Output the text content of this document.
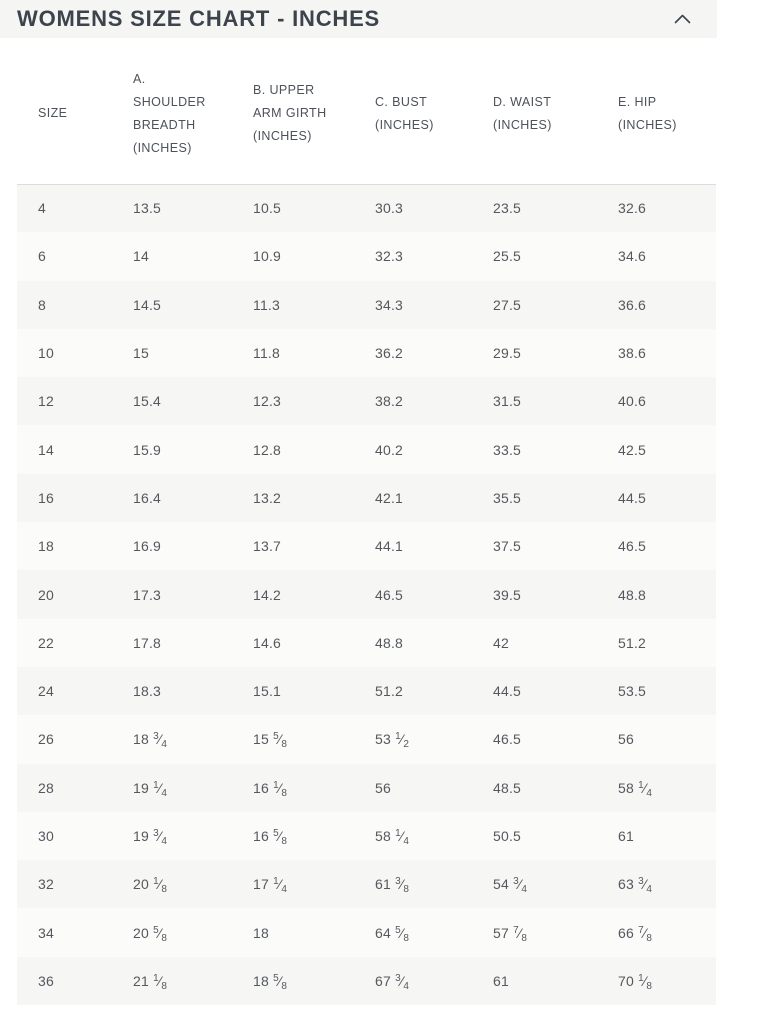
WOMENS SIZE CHART - INCHES
SIZE	A.
SHOULDER
BREADTH
(INCHES)	B. UPPER
ARM GIRTH
(INCHES)	C. BUST
(INCHES)	D. WAIST
(INCHES)	E. HIP
(INCHES)
4	13.5	10.5	30.3	23.5	32.6
6	14	10.9	32.3	25.5	34.6
8	14.5	11.3	34.3	27.5	36.6
10	15	11.8	36.2	29.5	38.6
12	15.4	12.3	38.2	31.5	40.6
14	15.9	12.8	40.2	33.5	42.5
16	16.4	13.2	42.1	35.5	44.5
18	16.9	13.7	44.1	37.5	46.5
20	17.3	14.2	46.5	39.5	48.8
22	17.8	14.6	48.8	42	51.2
24	18.3	15.1	51.2	44.5	53.5
26	18 $^3⁄_4$	15 $^5⁄_8$	53 $^1⁄_2$	46.5	56
28	19 $^1⁄_4$	16 $^1⁄_8$	56	48.5	58 $^1⁄_4$
30	19 $^3⁄_4$	16 $^5⁄_8$	58 $^1⁄_4$	50.5	61
32	20 $^1⁄_8$	17 $^1⁄_4$	61 $^3⁄_8$	54 $^3⁄_4$	63 $^3⁄_4$
34	20 $^5⁄_8$	18	64 $^5⁄_8$	57 $^7⁄_8$	66 $^7⁄_8$
36	21 $^1⁄_8$	18 $^5⁄_8$	67 $^3⁄_4$	61	70 $^1⁄_8$
